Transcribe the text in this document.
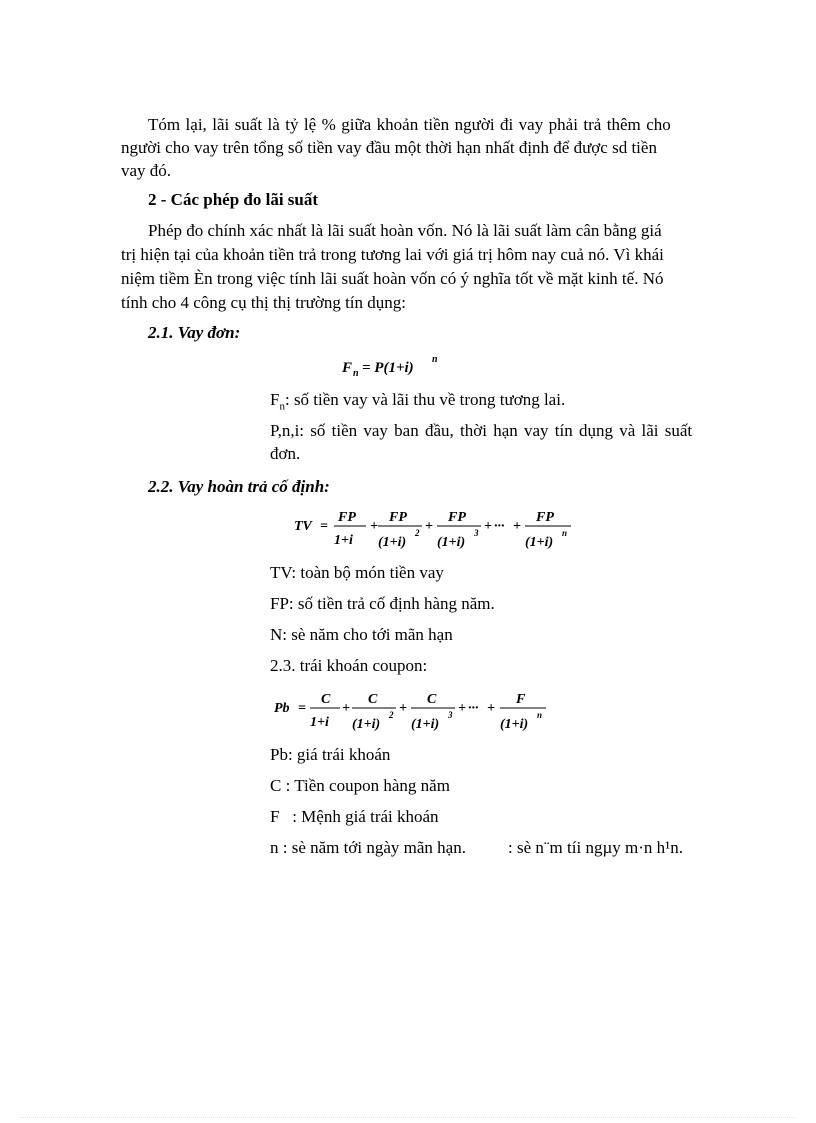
Tóm lại, lãi suất là tỷ lệ % giữa khoản tiền người đi vay phải trả thêm cho
người cho vay trên tổng số tiền vay đầu một thời hạn nhất định để được sd tiền
vay đó.
2 - Các phép đo lãi suất
Phép đo chính xác nhất là lãi suất hoàn vốn. Nó là lãi suất làm cân bằng giá
trị hiện tại của khoản tiền trả trong tương lai với giá trị hôm nay cuả nó. Vì khái
niệm tiềm Èn trong việc tính lãi suất hoàn vốn có ý nghĩa tốt về mặt kinh tế. Nó
tính cho 4 công cụ thị thị trường tín dụng:
2.1. Vay đơn:
F n = P(1+i)
n
$F_n$: số tiền vay và lãi thu về trong tương lai.
P,n,i: số tiền vay ban đầu, thời hạn vay tín dụng và lãi suất
đơn.
2.2. Vay hoàn trả cố định:
TV =
FP
1+i
+
FP
(1+i)
2 +
FP
(1+i)
3 + ··· +
FP
(1+i)
n
TV: toàn bộ món tiền vay
FP: số tiền trả cố định hàng năm.
N: sè năm cho tới mãn hạn
2.3. trái khoán coupon:
Pb =
C
1+i
+
C
(1+i)
2 +
C
(1+i)
3 + ··· +
F
(1+i)
n
Pb: giá trái khoán
C : Tiền coupon hàng năm
F   : Mệnh giá trái khoán
n : sè năm tới ngày mãn hạn. : sè n¨m tíi ngµy m·n h¹n.
